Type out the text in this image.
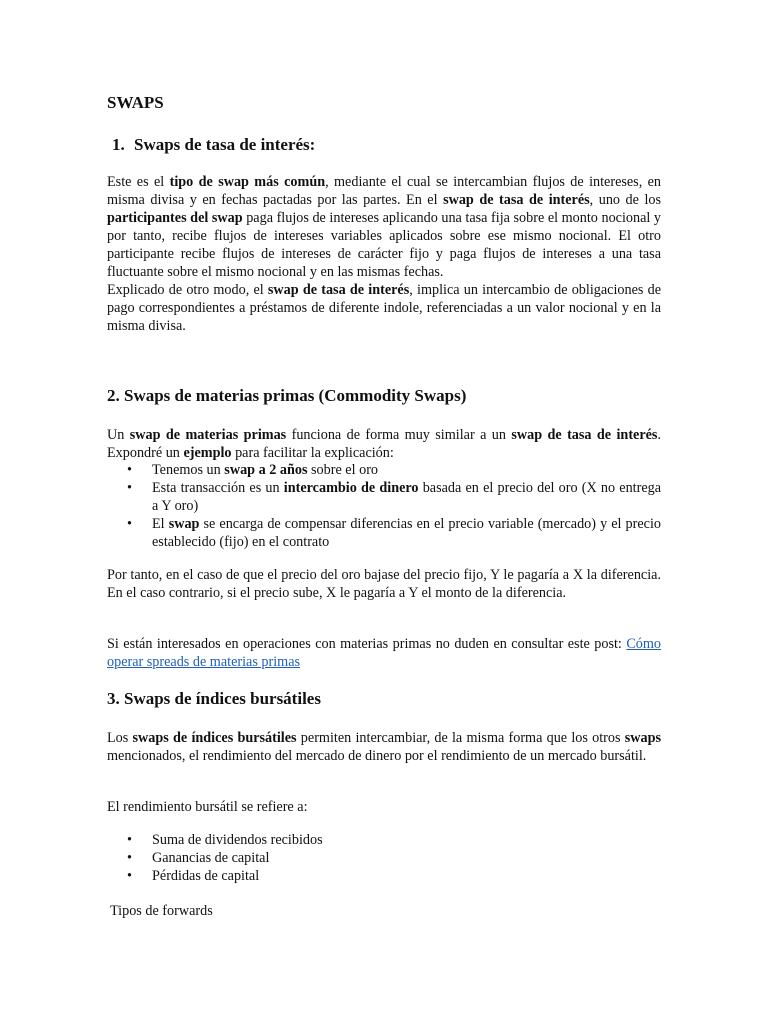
SWAPS
1. Swaps de tasa de interés:

Este es el tipo de swap más común, mediante el cual se intercambian flujos de intereses, en misma divisa y en fechas pactadas por las partes. En el swap de tasa de interés, uno de los participantes del swap paga flujos de intereses aplicando una tasa fija sobre el monto nocional y por tanto, recibe flujos de intereses variables aplicados sobre ese mismo nocional. El otro participante recibe flujos de intereses de carácter fijo y paga flujos de intereses a una tasa fluctuante sobre el mismo nocional y en las mismas fechas.

Explicado de otro modo, el swap de tasa de interés, implica un intercambio de obligaciones de pago correspondientes a préstamos de diferente indole, referenciadas a un valor nocional y en la misma divisa.

2. Swaps de materias primas (Commodity Swaps)

Un swap de materias primas funciona de forma muy similar a un swap de tasa de interés. Expondré un ejemplo para facilitar la explicación:

• Tenemos un swap a 2 años sobre el oro
• Esta transacción es un intercambio de dinero basada en el precio del oro (X no entrega a Y oro)
• El swap se encarga de compensar diferencias en el precio variable (mercado) y el precio establecido (fijo) en el contrato

Por tanto, en el caso de que el precio del oro bajase del precio fijo, Y le pagaría a X la diferencia. En el caso contrario, si el precio sube, X le pagaría a Y el monto de la diferencia.

Si están interesados en operaciones con materias primas no duden en consultar este post: Cómo operar spreads de materias primas

3. Swaps de índices bursátiles

Los swaps de índices bursátiles permiten intercambiar, de la misma forma que los otros swaps mencionados, el rendimiento del mercado de dinero por el rendimiento de un mercado bursátil.

El rendimiento bursátil se refiere a:

• Suma de dividendos recibidos
• Ganancias de capital
• Pérdidas de capital

Tipos de forwards
